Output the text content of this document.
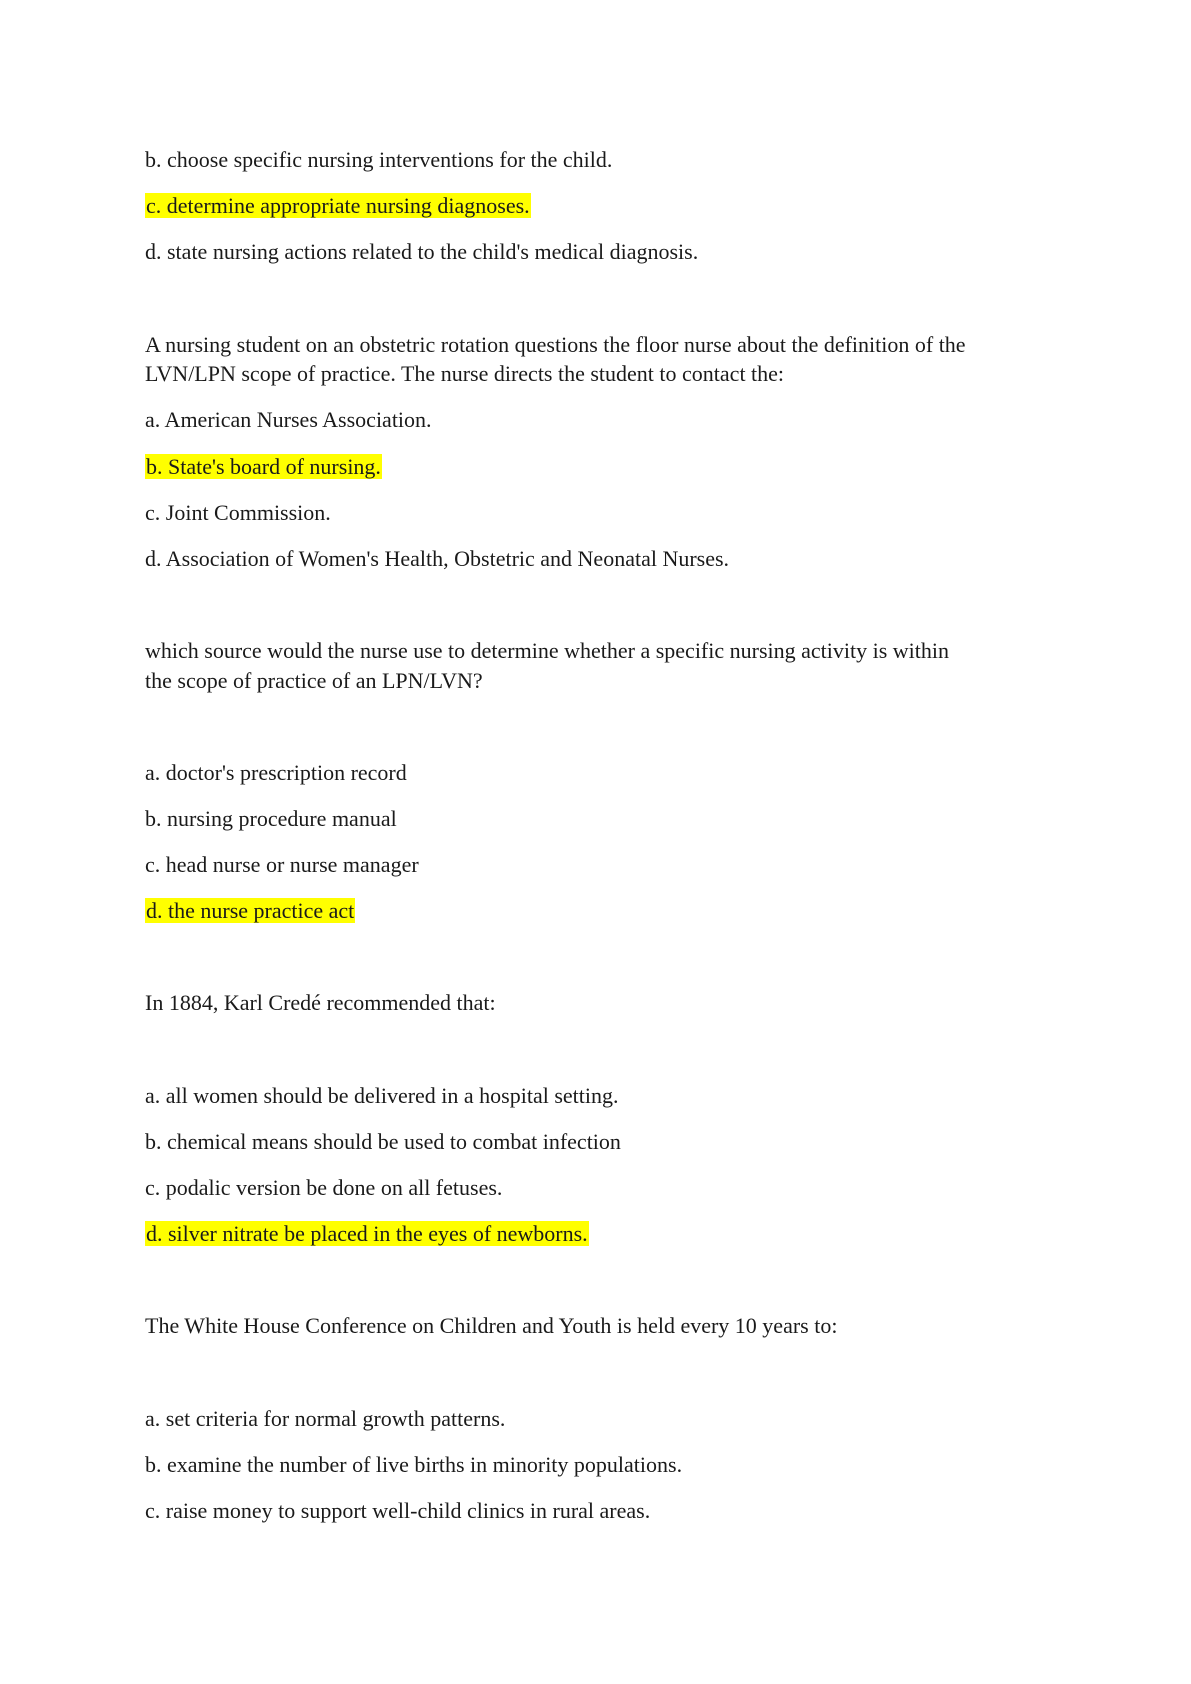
b. choose specific nursing interventions for the child.

c. determine appropriate nursing diagnoses.

d. state nursing actions related to the child's medical diagnosis.

A nursing student on an obstetric rotation questions the floor nurse about the definition of the

LVN/LPN scope of practice. The nurse directs the student to contact the:

a. American Nurses Association.

b. State's board of nursing.

c. Joint Commission.

d. Association of Women's Health, Obstetric and Neonatal Nurses.

which source would the nurse use to determine whether a specific nursing activity is within

the scope of practice of an LPN/LVN?

a. doctor's prescription record

b. nursing procedure manual

c. head nurse or nurse manager

d. the nurse practice act

In 1884, Karl Credé recommended that:

a. all women should be delivered in a hospital setting.

b. chemical means should be used to combat infection

c. podalic version be done on all fetuses.

d. silver nitrate be placed in the eyes of newborns.

The White House Conference on Children and Youth is held every 10 years to:

a. set criteria for normal growth patterns.

b. examine the number of live births in minority populations.

c. raise money to support well-child clinics in rural areas.
